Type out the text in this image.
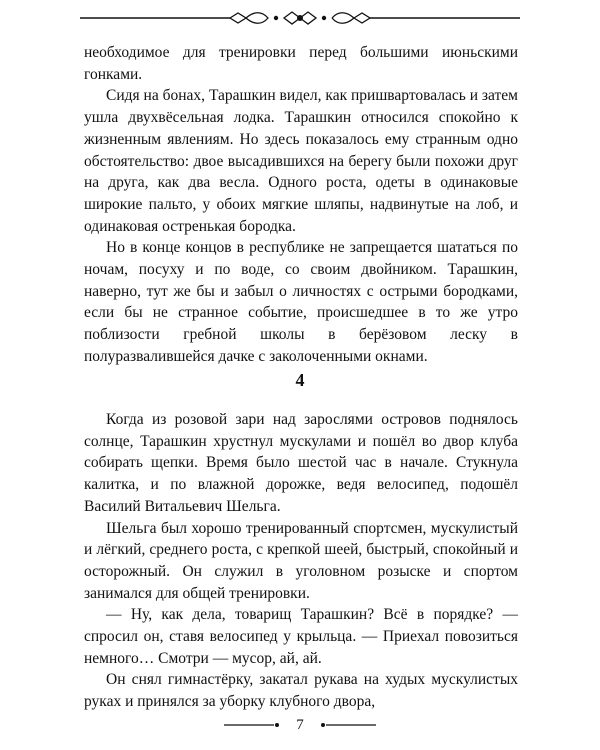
необходимое для тренировки перед большими июньскими гонками.

Сидя на бонах, Тарашкин видел, как пришвартовалась и затем ушла двухвёсельная лодка. Тарашкин относился спокойно к жизненным явлениям. Но здесь показалось ему странным одно обстоятельство: двое высадившихся на берегу были похожи друг на друга, как два весла. Одного роста, одеты в одинаковые широкие пальто, у обоих мягкие шляпы, надвинутые на лоб, и одинаковая остренькая бородка.

Но в конце концов в республике не запрещается шататься по ночам, посуху и по воде, со своим двойником. Тарашкин, наверно, тут же бы и забыл о личностях с острыми бородками, если бы не странное событие, происшедшее в то же утро поблизости гребной школы в берёзовом леску в полуразвалившейся дачке с заколоченными окнами.

4

Когда из розовой зари над зарослями островов поднялось солнце, Тарашкин хрустнул мускулами и пошёл во двор клуба собирать щепки. Время было шестой час в начале. Стукнула калитка, и по влажной дорожке, ведя велосипед, подошёл Василий Витальевич Шельга.

Шельга был хорошо тренированный спортсмен, мускулистый и лёгкий, среднего роста, с крепкой шеей, быстрый, спокойный и осторожный. Он служил в уголовном розыске и спортом занимался для общей тренировки.

— Ну, как дела, товарищ Тарашкин? Всё в порядке? — спросил он, ставя велосипед у крыльца. — Приехал повозиться немного… Смотри — мусор, ай, ай.

Он снял гимнастёрку, закатал рукава на худых мускулистых руках и принялся за уборку клубного двора,

7
